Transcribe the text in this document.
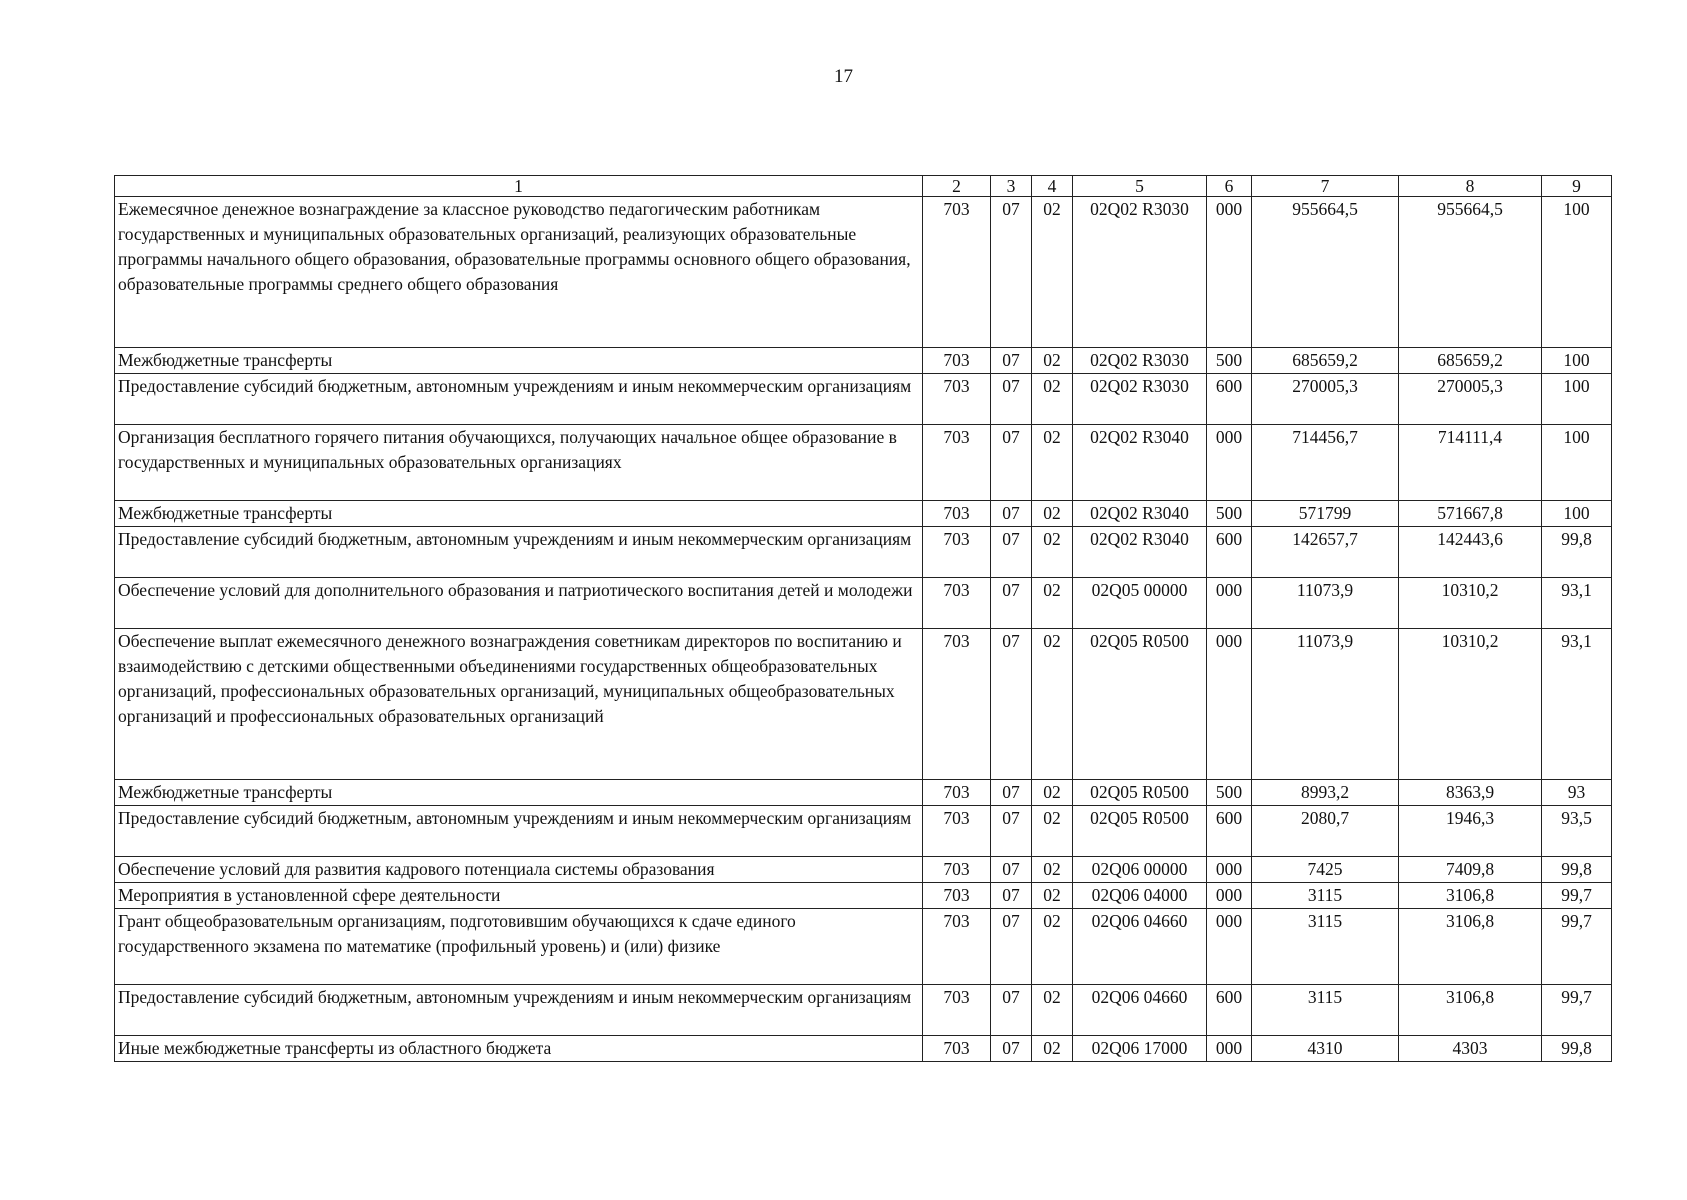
17
1	2	3	4	5	6	7	8	9
Ежемесячное денежное вознаграждение за классное руководство педагогическим работникам государственных и муниципальных образовательных организаций, реализующих образовательные программы начального общего образования, образовательные программы основного общего образования, образовательные программы среднего общего образования	703	07	02	02Q02 R3030	000	955664,5	955664,5	100
Межбюджетные трансферты	703	07	02	02Q02 R3030	500	685659,2	685659,2	100
Предоставление субсидий бюджетным, автономным учреждениям и иным некоммерческим организациям	703	07	02	02Q02 R3030	600	270005,3	270005,3	100
Организация бесплатного горячего питания обучающихся, получающих начальное общее образование в государственных и муниципальных образовательных организациях	703	07	02	02Q02 R3040	000	714456,7	714111,4	100
Межбюджетные трансферты	703	07	02	02Q02 R3040	500	571799	571667,8	100
Предоставление субсидий бюджетным, автономным учреждениям и иным некоммерческим организациям	703	07	02	02Q02 R3040	600	142657,7	142443,6	99,8
Обеспечение условий для дополнительного образования и патриотического воспитания детей и молодежи	703	07	02	02Q05 00000	000	11073,9	10310,2	93,1
Обеспечение выплат ежемесячного денежного вознаграждения советникам директоров по воспитанию и взаимодействию с детскими общественными объединениями государственных общеобразовательных организаций, профессиональных образовательных организаций, муниципальных общеобразовательных организаций и профессиональных образовательных организаций	703	07	02	02Q05 R0500	000	11073,9	10310,2	93,1
Межбюджетные трансферты	703	07	02	02Q05 R0500	500	8993,2	8363,9	93
Предоставление субсидий бюджетным, автономным учреждениям и иным некоммерческим организациям	703	07	02	02Q05 R0500	600	2080,7	1946,3	93,5
Обеспечение условий для развития кадрового потенциала системы образования	703	07	02	02Q06 00000	000	7425	7409,8	99,8
Мероприятия в установленной сфере деятельности	703	07	02	02Q06 04000	000	3115	3106,8	99,7
Грант общеобразовательным организациям, подготовившим обучающихся к сдаче единого государственного экзамена по математике (профильный уровень) и (или) физике	703	07	02	02Q06 04660	000	3115	3106,8	99,7
Предоставление субсидий бюджетным, автономным учреждениям и иным некоммерческим организациям	703	07	02	02Q06 04660	600	3115	3106,8	99,7
Иные межбюджетные трансферты из областного бюджета	703	07	02	02Q06 17000	000	4310	4303	99,8
